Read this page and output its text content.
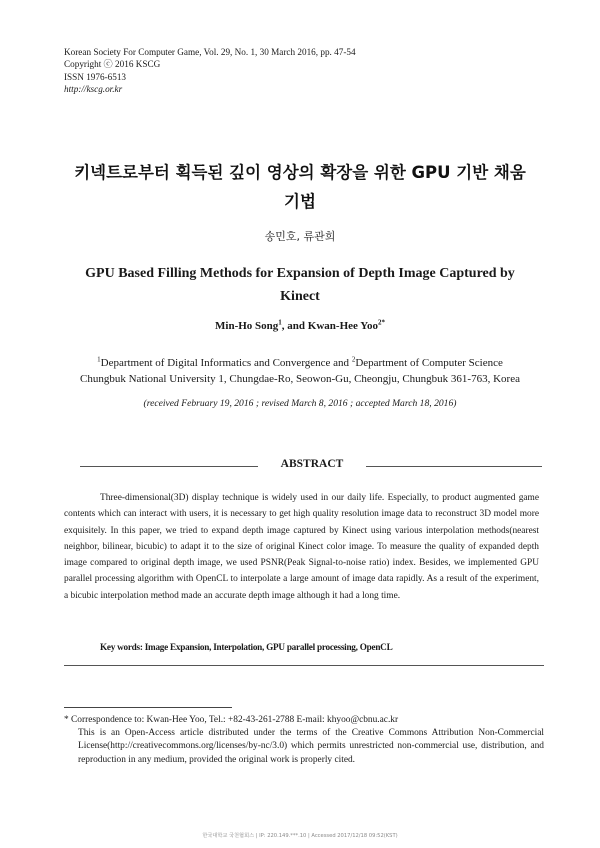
Korean Society For Computer Game, Vol. 29, No. 1, 30 March 2016, pp. 47-54
Copyright ⓒ 2016 KSCG
ISSN 1976-6513
http://kscg.or.kr
키넥트로부터 획득된 깊이 영상의 확장을 위한 GPU 기반 채움
기법
송민호, 류관희
GPU Based Filling Methods for Expansion of Depth Image Captured by
Kinect
Min-Ho Song$^1$, and Kwan-Hee Yoo$^{2*}$
$^1$Department of Digital Informatics and Convergence and $^2$Department of Computer Science
Chungbuk National University 1, Chungdae-Ro, Seowon-Gu, Cheongju, Chungbuk 361-763, Korea
(received February 19, 2016 ; revised March 8, 2016 ; accepted March 18, 2016)
ABSTRACT
Three-dimensional(3D) display technique is widely used in our daily life. Especially, to product augmented game contents which can interact with users, it is necessary to get high quality resolution image data to reconstruct 3D model more exquisitely. In this paper, we tried to expand depth image captured by Kinect using various interpolation methods(nearest neighbor, bilinear, bicubic) to adapt it to the size of original Kinect color image. To measure the quality of expanded depth image compared to original depth image, we used PSNR(Peak Signal-to-noise ratio) index. Besides, we implemented GPU parallel processing algorithm with OpenCL to interpolate a large amount of image data rapidly. As a result of the experiment, a bicubic interpolation method made an accurate depth image although it had a long time.
Key words: Image Expansion, Interpolation, GPU parallel processing, OpenCL
* Correspondence to: Kwan-Hee Yoo, Tel.: +82-43-261-2788 E-mail: khyoo@cbnu.ac.kr
This is an Open-Access article distributed under the terms of the Creative Commons Attribution Non-Commercial License(http://creativecommons.org/licenses/by-nc/3.0) which permits unrestricted non-commercial use, distribution, and reproduction in any medium, provided the original work is properly cited.
한국대학교 국천협회스 | IP: 220.149.***.10 | Accessed 2017/12/18 09:52(KST)
